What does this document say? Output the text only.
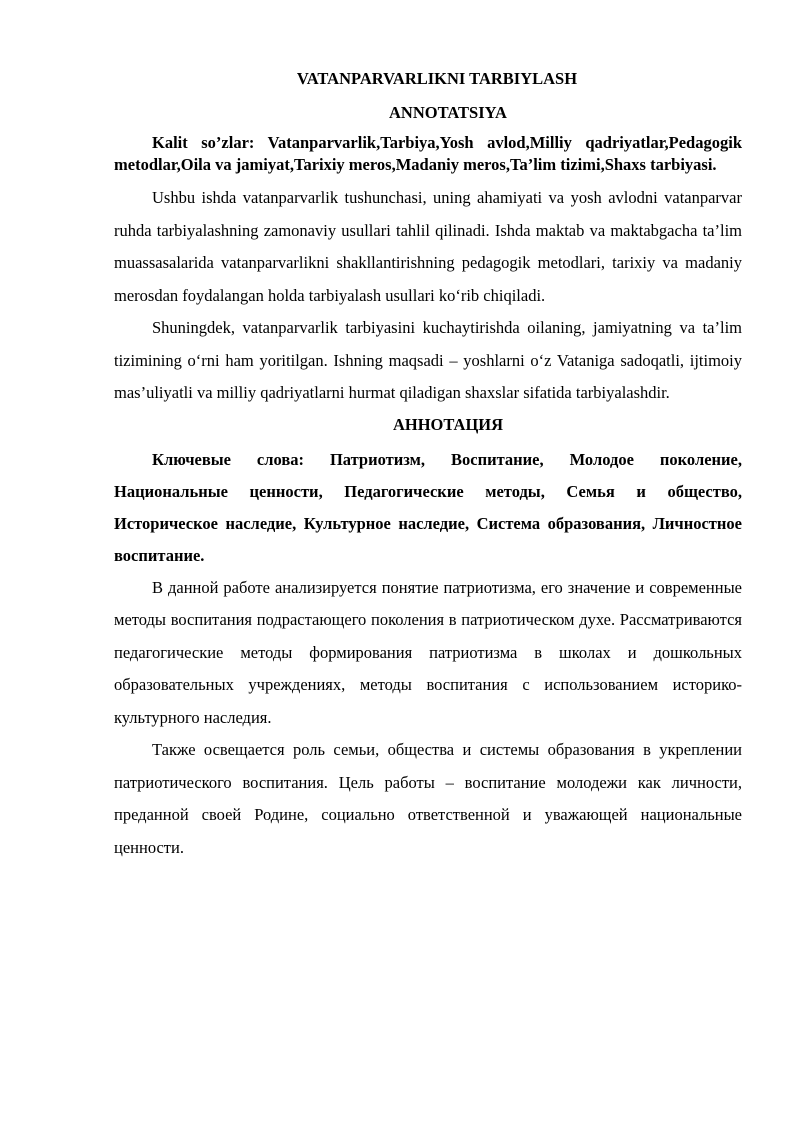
VATANPARVARLIKNI TARBIYLASH

ANNOTATSIYA

Kalit so’zlar: Vatanparvarlik,Tarbiya,Yosh avlod,Milliy qadriyatlar,Pedagogik metodlar,Oila va jamiyat,Tarixiy meros,Madaniy meros,Ta’lim tizimi,Shaxs tarbiyasi.

Ushbu ishda vatanparvarlik tushunchasi, uning ahamiyati va yosh avlodni vatanparvar ruhda tarbiyalashning zamonaviy usullari tahlil qilinadi. Ishda maktab va maktabgacha ta’lim muassasalarida vatanparvarlikni shakllantirishning pedagogik metodlari, tarixiy va madaniy merosdan foydalangan holda tarbiyalash usullari ko‘rib chiqiladi.

Shuningdek, vatanparvarlik tarbiyasini kuchaytirishda oilaning, jamiyatning va ta’lim tizimining o‘rni ham yoritilgan. Ishning maqsadi – yoshlarni o‘z Vataniga sadoqatli, ijtimoiy mas’uliyatli va milliy qadriyatlarni hurmat qiladigan shaxslar sifatida tarbiyalashdir.

АННОТАЦИЯ

Ключевые слова: Патриотизм, Воспитание, Молодое поколение, Национальные ценности, Педагогические методы, Семья и общество, Историческое наследие, Культурное наследие, Система образования, Личностное воспитание.

В данной работе анализируется понятие патриотизма, его значение и современные методы воспитания подрастающего поколения в патриотическом духе. Рассматриваются педагогические методы формирования патриотизма в школах и дошкольных образовательных учреждениях, методы воспитания с использованием историко-культурного наследия.

Также освещается роль семьи, общества и системы образования в укреплении патриотического воспитания. Цель работы – воспитание молодежи как личности, преданной своей Родине, социально ответственной и уважающей национальные ценности.
